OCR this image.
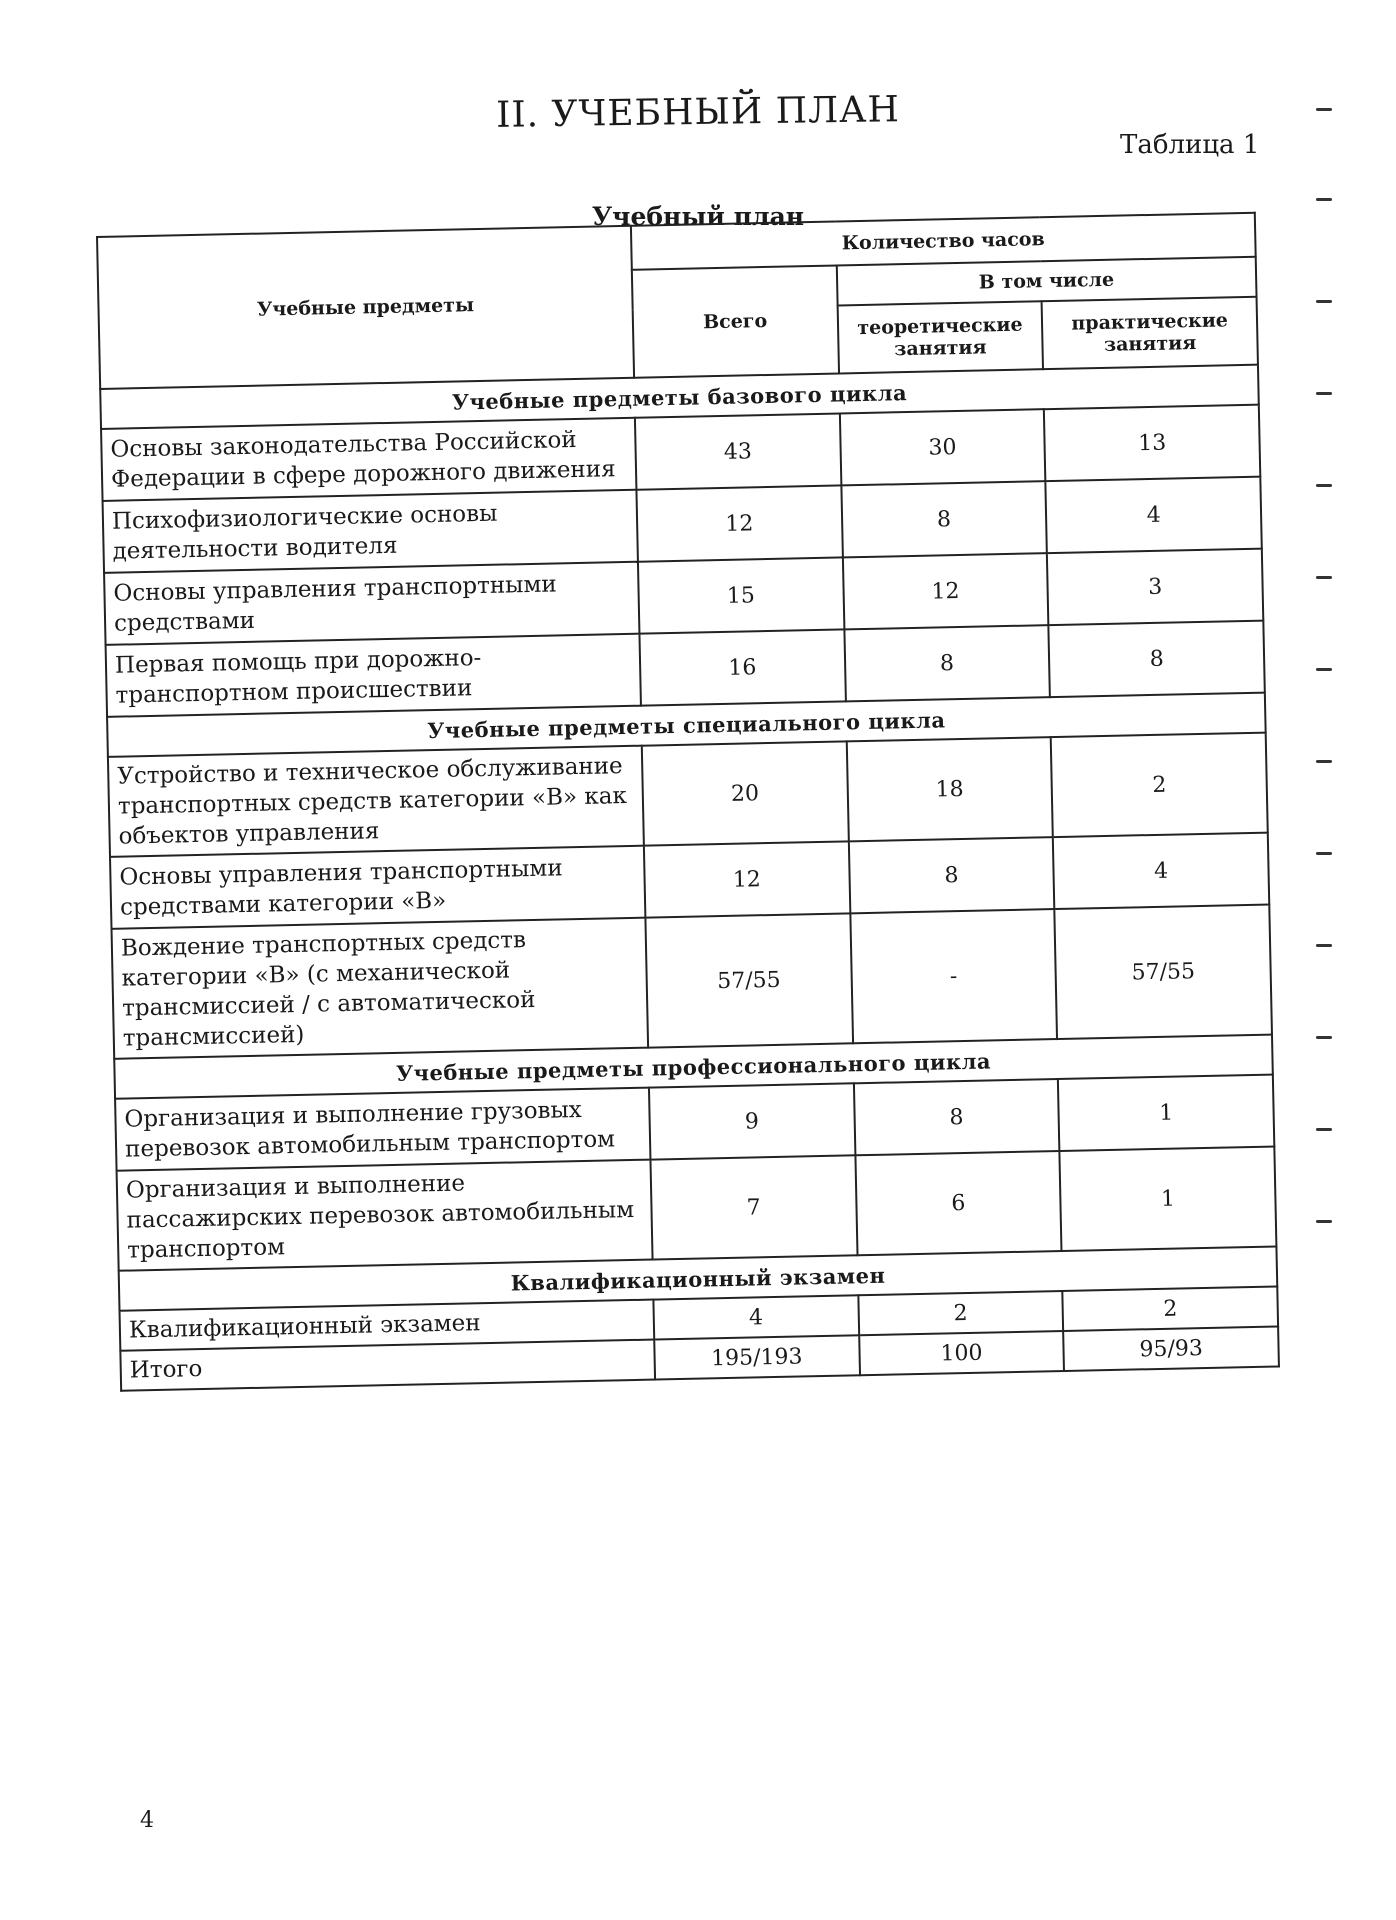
II. УЧЕБНЫЙ ПЛАН
Таблица 1
Учебный план
Учебные предметы	Количество часов		
	Всего	В том числе	
		теоретические занятия	практические занятия
Учебные предметы базового цикла			
Основы законодательства Российской Федерации в сфере дорожного движения	43	30	13
Психофизиологические основы деятельности водителя	12	8	4
Основы управления транспортными средствами	15	12	3
Первая помощь при дорожно-транспортном происшествии	16	8	8
Учебные предметы специального цикла			
Устройство и техническое обслуживание транспортных средств категории «В» как объектов управления	20	18	2
Основы управления транспортными средствами категории «В»	12	8	4
Вождение транспортных средств категории «В» (с механической трансмиссией / с автоматической трансмиссией)	57/55	-	57/55
Учебные предметы профессионального цикла			
Организация и выполнение грузовых перевозок автомобильным транспортом	9	8	1
Организация и выполнение пассажирских перевозок автомобильным транспортом	7	6	1
Квалификационный экзамен			
Квалификационный экзамен	4	2	2
Итого	195/193	100	95/93
4
